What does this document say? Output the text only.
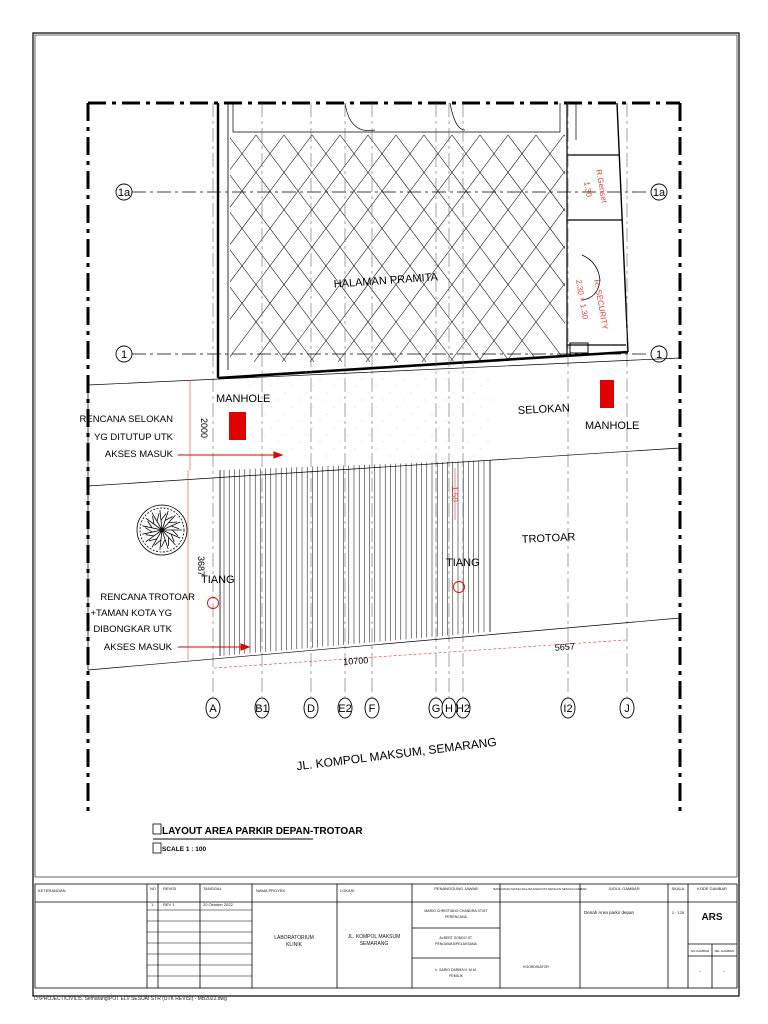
1a	1a
1	1
A	B1	D E2 F	G H H2	I2	J
HALAMAN PRAMITA	R. SECURITY
2.30 × 1.30
R.Genset
1.30
MANHOLE
MANHOLE
SELOKAN
TROTOAR
TIANG
TIANG
JL. KOMPOL MAKSUM, SEMARANG
2000
3687
10700
5657
1.50
RENCANA SELOKAN
YG DITUTUP UTK
AKSES MASUK
RENCANA TROTOAR
+TAMAN KOTA YG
DIBONGKAR UTK
AKSES MASUK
LAYOUT AREA PARKIR DEPAN-TROTOAR
SCALE 1 : 100
KETERANGAN	NO REVISI	TANGGAL
1 REV 1	20 Oktober 2022
NAMA PROYEK
LABORATORIUM
KLINIK
LOKASI
JL. KOMPOL MAKSUM
SEMARANG
PENANGGUNG JAWAB
MARIO CHRISTIANO CHANDRA ST.MT
PERENCANA
ALBERT SONDO ST.
PENGAWAS/PELAKSANA
Ir. SARIO DARMA H. M.M.
PEMILIK
BANGUNAN MASIH DALAM ANGGOTA DENGAN SESUAI GAMBAR
KOORDINATOR
JUDUL GAMBAR
Denah Area parkir depan
SKALA
1 : 125
KODE GAMBAR
ARS
NO.GAMBAR JML.GAMBAR
-	-
D:\PROJECT\CIVIL\5. Semarang\POT ELV SESUAI STR (UTK REVISI) - MB2022.dwg
